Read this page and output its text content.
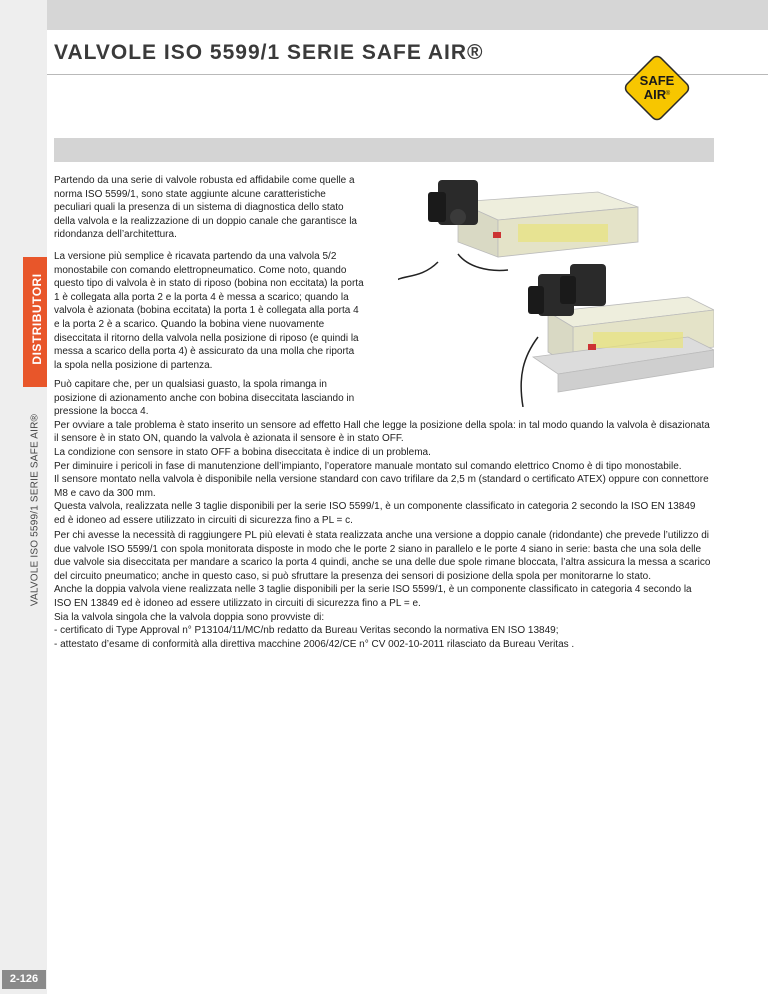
VALVOLE ISO 5599/1 SERIE SAFE AIR®
SAFE
AIR ®
DISTRIBUTORI
VALVOLE ISO 5599/1 SERIE SAFE AIR®
2-126

Partendo da una serie di valvole robusta ed affidabile come quelle a norma ISO 5599/1, sono state aggiunte alcune caratteristiche peculiari quali la presenza di un sistema di diagnostica dello stato della valvola e la realizzazione di un doppio canale che garantisce la ridondanza dell’architettura.

La versione più semplice è ricavata partendo da una valvola 5/2 monostabile con comando elettropneumatico. Come noto, quando questo tipo di valvola è in stato di riposo (bobina non eccitata) la porta 1 è collegata alla porta 2 e la porta 4 è messa a scarico; quando la valvola è azionata (bobina eccitata) la porta 1 è collegata alla porta 4 e la porta 2 è a scarico. Quando la bobina viene nuovamente diseccitata il ritorno della valvola nella posizione di riposo (e quindi la messa a scarico della porta 4) è assicurato da una molla che riporta la spola nella posizione di partenza.

Può capitare che, per un qualsiasi guasto, la spola rimanga in posizione di azionamento anche con bobina diseccitata lasciando in pressione la bocca 4.
Per ovviare a tale problema è stato inserito un sensore ad effetto Hall che legge la posizione della spola: in tal modo quando la valvola è disazionata
il sensore è in stato ON, quando la valvola è azionata il sensore è in stato OFF.
La condizione con sensore in stato OFF a bobina diseccitata è indice di un problema.
Per diminuire i pericoli in fase di manutenzione dell’impianto, l’operatore manuale montato sul comando elettrico Cnomo è di tipo monostabile.
Il sensore montato nella valvola è disponibile nella versione standard con cavo trifilare da 2,5 m (standard o certificato ATEX) oppure con connettore
M8 e cavo da 300 mm.
Questa valvola, realizzata nelle 3 taglie disponibili per la serie ISO 5599/1, è un componente classificato in categoria 2 secondo la ISO EN 13849
ed è idoneo ad essere utilizzato in circuiti di sicurezza fino a PL = c.
Per chi avesse la necessità di raggiungere PL più elevati è stata realizzata anche una versione a doppio canale (ridondante) che prevede l’utilizzo di
due valvole ISO 5599/1 con spola monitorata disposte in modo che le porte 2 siano in parallelo e le porte 4 siano in serie: basta che una sola delle
due valvole sia diseccitata per mandare a scarico la porta 4 quindi, anche se una delle due spole rimane bloccata, l’altra assicura la messa a scarico
del circuito pneumatico; anche in questo caso, si può sfruttare la presenza dei sensori di posizione della spola per monitorarne lo stato.
Anche la doppia valvola viene realizzata nelle 3 taglie disponibili per la serie ISO 5599/1, è un componente classificato in categoria 4 secondo la
ISO EN 13849 ed è idoneo ad essere utilizzato in circuiti di sicurezza fino a PL = e.
Sia la valvola singola che la valvola doppia sono provviste di:
- certificato di Type Approval n° P13104/11/MC/nb redatto da Bureau Veritas secondo la normativa EN ISO 13849;
- attestato d’esame di conformità alla direttiva macchine 2006/42/CE n° CV 002-10-2011 rilasciato da Bureau Veritas .
